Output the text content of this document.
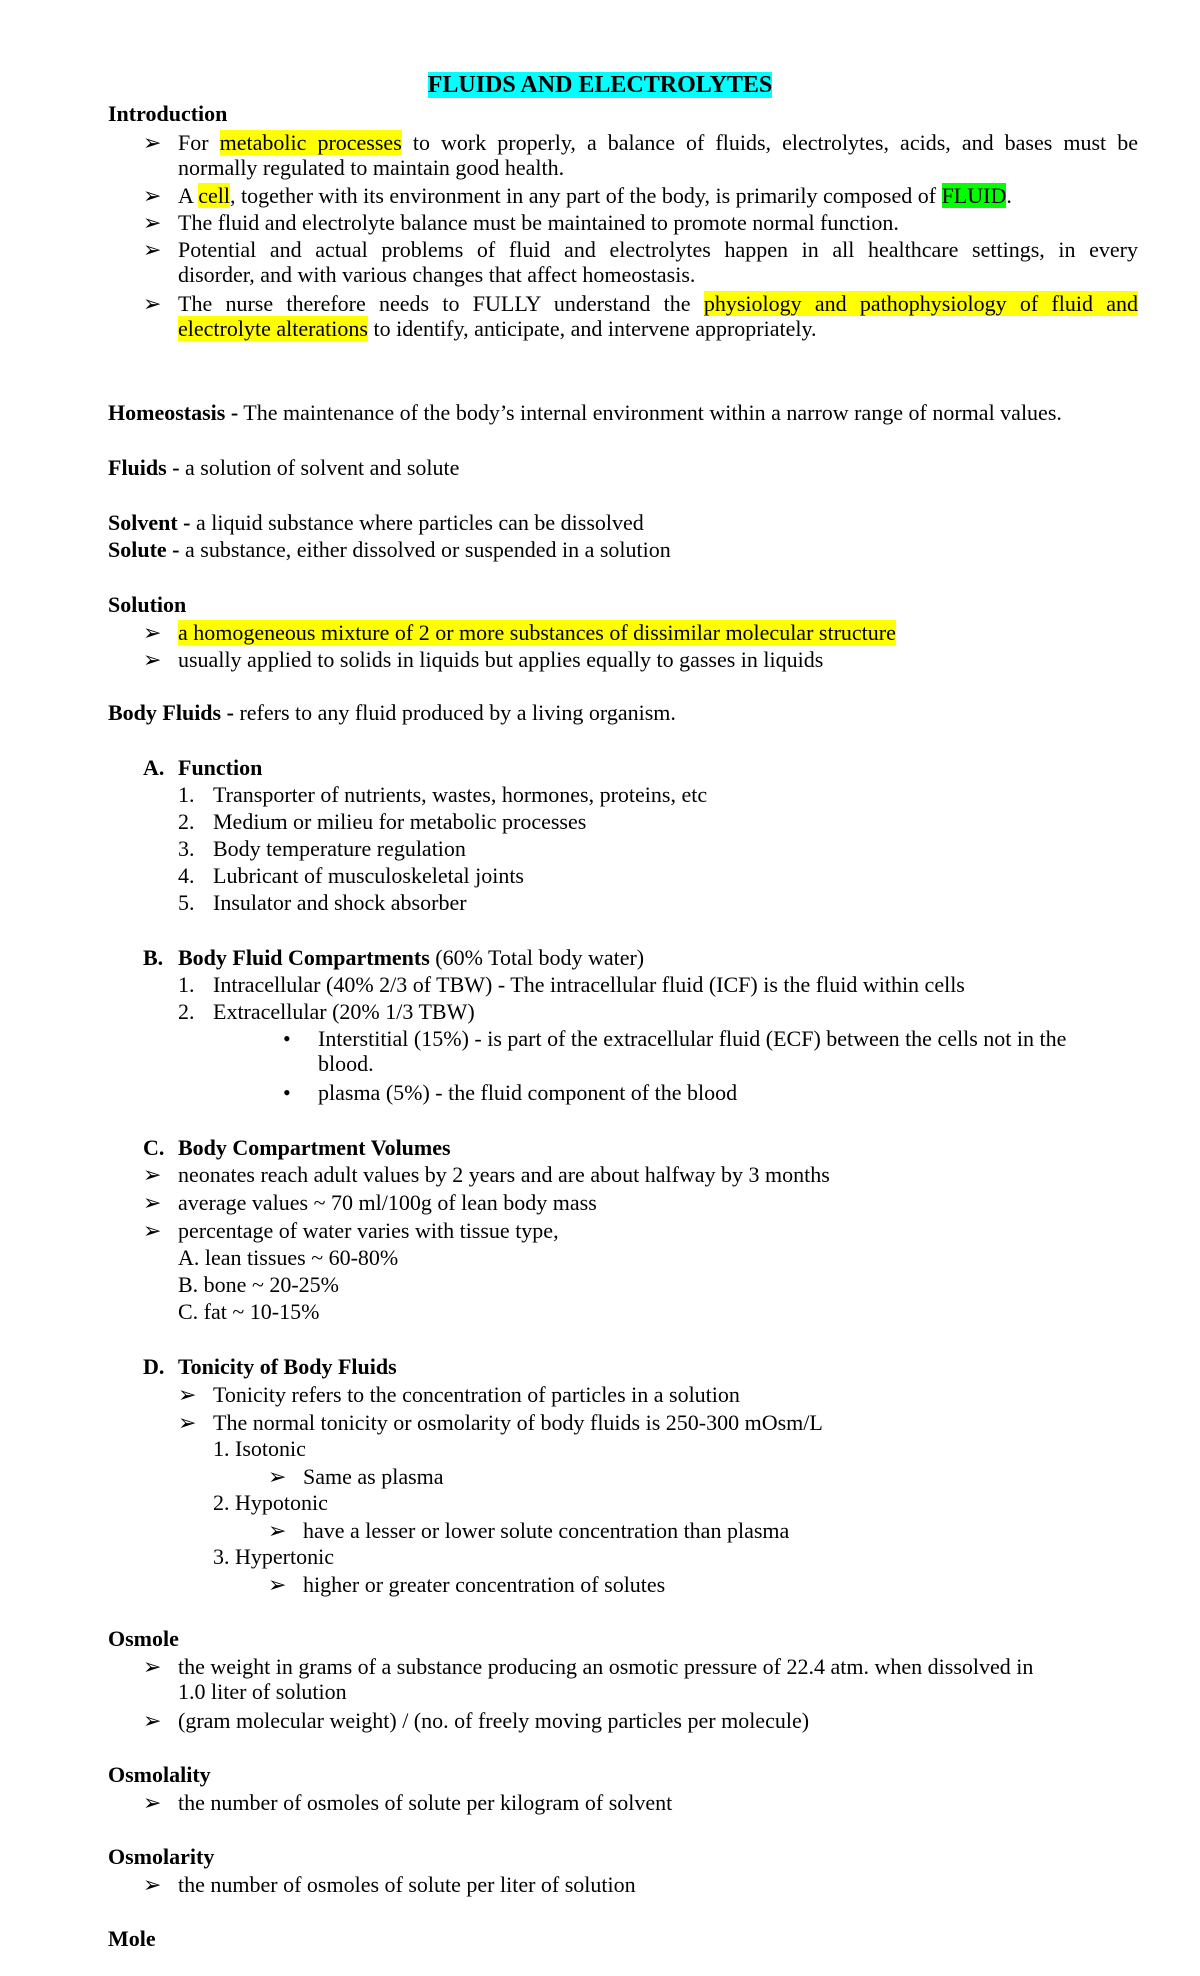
FLUIDS AND ELECTROLYTES
Introduction
➢ For metabolic processes to work properly, a balance of fluids, electrolytes, acids, and bases must be
normally regulated to maintain good health.
➢ A cell, together with its environment in any part of the body, is primarily composed of FLUID.
➢ The fluid and electrolyte balance must be maintained to promote normal function.
➢ Potential and actual problems of fluid and electrolytes happen in all healthcare settings, in every
disorder, and with various changes that affect homeostasis.
➢ The nurse therefore needs to FULLY understand the physiology and pathophysiology of fluid and
electrolyte alterations to identify, anticipate, and intervene appropriately.
Homeostasis - The maintenance of the body’s internal environment within a narrow range of normal values.
Fluids - a solution of solvent and solute
Solvent - a liquid substance where particles can be dissolved
Solute - a substance, either dissolved or suspended in a solution
Solution
➢ a homogeneous mixture of 2 or more substances of dissimilar molecular structure
➢ usually applied to solids in liquids but applies equally to gasses in liquids
Body Fluids - refers to any fluid produced by a living organism.
A. Function
1. Transporter of nutrients, wastes, hormones, proteins, etc
2. Medium or milieu for metabolic processes
3. Body temperature regulation
4. Lubricant of musculoskeletal joints
5. Insulator and shock absorber
B. Body Fluid Compartments (60% Total body water)
1. Intracellular (40% 2/3 of TBW) - The intracellular fluid (ICF) is the fluid within cells
2. Extracellular (20% 1/3 TBW)
• Interstitial (15%) - is part of the extracellular fluid (ECF) between the cells not in the
blood.
• plasma (5%) - the fluid component of the blood
C. Body Compartment Volumes
➢ neonates reach adult values by 2 years and are about halfway by 3 months
➢ average values ~ 70 ml/100g of lean body mass
➢ percentage of water varies with tissue type,
A. lean tissues ~ 60-80%
B. bone ~ 20-25%
C. fat ~ 10-15%
D. Tonicity of Body Fluids
➢ Tonicity refers to the concentration of particles in a solution
➢ The normal tonicity or osmolarity of body fluids is 250-300 mOsm/L
1. Isotonic
➢ Same as plasma
2. Hypotonic
➢ have a lesser or lower solute concentration than plasma
3. Hypertonic
➢ higher or greater concentration of solutes
Osmole
➢ the weight in grams of a substance producing an osmotic pressure of 22.4 atm. when dissolved in
1.0 liter of solution
➢ (gram molecular weight) / (no. of freely moving particles per molecule)
Osmolality
➢ the number of osmoles of solute per kilogram of solvent
Osmolarity
➢ the number of osmoles of solute per liter of solution
Mole
